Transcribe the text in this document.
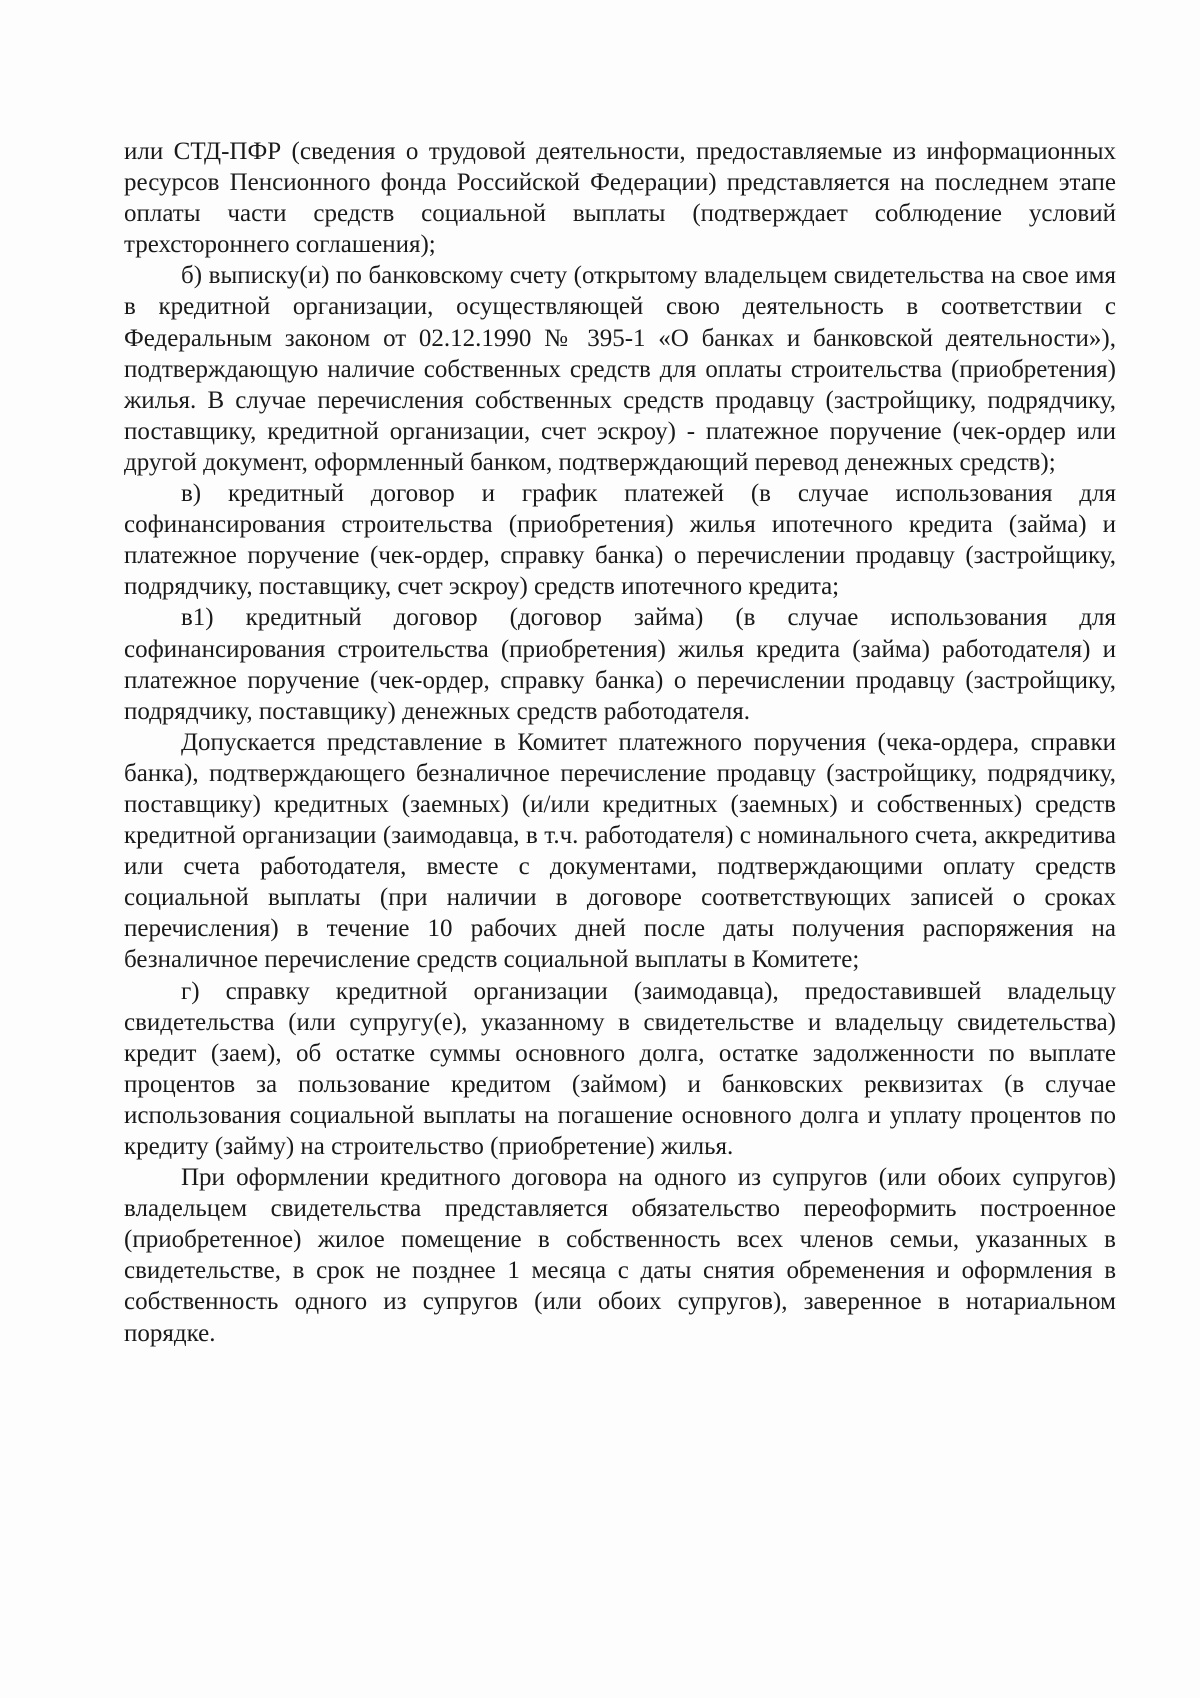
или СТД-ПФР (сведения о трудовой деятельности, предоставляемые из информационных ресурсов Пенсионного фонда Российской Федерации) представляется на последнем этапе оплаты части средств социальной выплаты (подтверждает соблюдение условий трехстороннего соглашения);

б) выписку(и) по банковскому счету (открытому владельцем свидетельства на свое имя в кредитной организации, осуществляющей свою деятельность в соответствии с Федеральным законом от 02.12.1990 № 395-1 «О банках и банковской деятельности»), подтверждающую наличие собственных средств для оплаты строительства (приобретения) жилья. В случае перечисления собственных средств продавцу (застройщику, подрядчику, поставщику, кредитной организации, счет эскроу) - платежное поручение (чек-ордер или другой документ, оформленный банком, подтверждающий перевод денежных средств);

в) кредитный договор и график платежей (в случае использования для софинансирования строительства (приобретения) жилья ипотечного кредита (займа) и платежное поручение (чек-ордер, справку банка) о перечислении продавцу (застройщику, подрядчику, поставщику, счет эскроу) средств ипотечного кредита;

в1) кредитный договор (договор займа) (в случае использования для софинансирования строительства (приобретения) жилья кредита (займа) работодателя) и платежное поручение (чек-ордер, справку банка) о перечислении продавцу (застройщику, подрядчику, поставщику) денежных средств работодателя.

Допускается представление в Комитет платежного поручения (чека-ордера, справки банка), подтверждающего безналичное перечисление продавцу (застройщику, подрядчику, поставщику) кредитных (заемных) (и/или кредитных (заемных) и собственных) средств кредитной организации (заимодавца, в т.ч. работодателя) с номинального счета, аккредитива или счета работодателя, вместе с документами, подтверждающими оплату средств социальной выплаты (при наличии в договоре соответствующих записей о сроках перечисления) в течение 10 рабочих дней после даты получения распоряжения на безналичное перечисление средств социальной выплаты в Комитете;

г) справку кредитной организации (заимодавца), предоставившей владельцу свидетельства (или супругу(е), указанному в свидетельстве и владельцу свидетельства) кредит (заем), об остатке суммы основного долга, остатке задолженности по выплате процентов за пользование кредитом (займом) и банковских реквизитах (в случае использования социальной выплаты на погашение основного долга и уплату процентов по кредиту (займу) на строительство (приобретение) жилья.

При оформлении кредитного договора на одного из супругов (или обоих супругов) владельцем свидетельства представляется обязательство переоформить построенное (приобретенное) жилое помещение в собственность всех членов семьи, указанных в свидетельстве, в срок не позднее 1 месяца с даты снятия обременения и оформления в собственность одного из супругов (или обоих супругов), заверенное в нотариальном порядке.
